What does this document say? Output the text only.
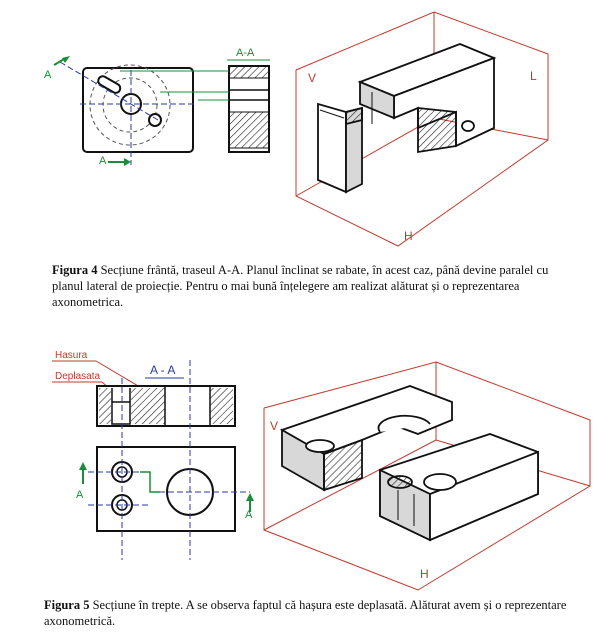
A-A
A
A
V	L
H
Hasura
Deplasata	A - A
A
A
V
H
Figura 4 Secțiune frântă, traseul A-A. Planul înclinat se rabate, în acest caz, până devine paralel cu planul lateral de proiecție. Pentru o mai bună înțelegere am realizat alăturat și o reprezentarea axonometrica.
Figura 5 Secțiune în trepte. A se observa faptul că hașura este deplasată. Alăturat avem și o reprezentare axonometrică.
